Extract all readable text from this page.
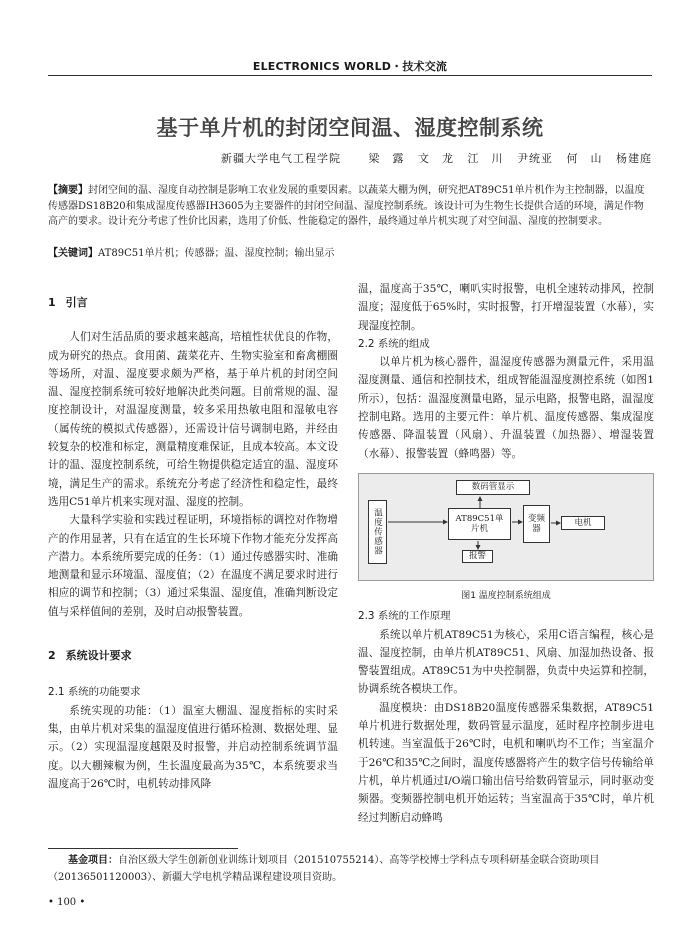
ELECTRONICS WORLD・技术交流
基于单片机的封闭空间温、湿度控制系统
新疆大学电气工程学院	梁　露 文　龙 江　川 尹统亚 何　山 杨建庭
【摘要】封闭空间的温、湿度自动控制是影响工农业发展的重要因素。以蔬菜大棚为例，研究把AT89C51单片机作为主控制器，以温度传感器DS18B20和集成湿度传感器IH3605为主要器件的封闭空间温、湿度控制系统。该设计可为生物生长提供合适的环境，满足作物高产的要求。设计充分考虑了性价比因素，选用了价低、性能稳定的器件，最终通过单片机实现了对空间温、湿度的控制要求。
【关键词】AT89C51单片机；传感器；温、湿度控制；输出显示
1 引言

人们对生活品质的要求越来越高，培植性状优良的作物，成为研究的热点。食用菌、蔬菜花卉、生物实验室和畜禽棚圈等场所，对温、湿度要求颇为严格，基于单片机的封闭空间温、湿度控制系统可较好地解决此类问题。目前常规的温、湿度控制设计，对温湿度测量，较多采用热敏电阻和湿敏电容（属传统的模拟式传感器），还需设计信号调制电路，并经由较复杂的校准和标定，测量精度难保证，且成本较高。本文设计的温、湿度控制系统，可给生物提供稳定适宜的温、湿度环境，满足生产的需求。系统充分考虑了经济性和稳定性，最终选用C51单片机来实现对温、湿度的控制。

大量科学实验和实践过程证明，环境指标的调控对作物增产的作用显著，只有在适宜的生长环境下作物才能充分发挥高产潜力。本系统所要完成的任务：（1）通过传感器实时、准确地测量和显示环境温、湿度值；（2）在温度不满足要求时进行相应的调节和控制；（3）通过采集温、湿度值，准确判断设定值与采样值间的差别，及时启动报警装置。

2 系统设计要求
2.1 系统的功能要求

系统实现的功能：（1）温室大棚温、湿度指标的实时采集，由单片机对采集的温湿度值进行循环检测、数据处理、显示。（2）实现温湿度越限及时报警，并启动控制系统调节温度。以大棚辣椒为例，生长温度最高为35℃，本系统要求当温度高于26℃时，电机转动排风降

温，温度高于35℃，喇叭实时报警，电机全速转动排风，控制温度；湿度低于65%时，实时报警，打开增湿装置（水幕），实现湿度控制。

2.2 系统的组成

以单片机为核心器件，温湿度传感器为测量元件，采用温湿度测量、通信和控制技术，组成智能温湿度测控系统（如图1所示），包括：温湿度测量电路，显示电路，报警电路，温湿度控制电路。选用的主要元件：单片机、温度传感器、集成湿度传感器、降温装置（风扇）、升温装置（加热器）、增湿装置（水幕）、报警装置（蜂鸣器）等。

数码管显示
温度传感器	AT89C51单片机
变频器
电机
报警
图1 温度控制系统组成
2.3 系统的工作原理

系统以单片机AT89C51为核心，采用C语言编程，核心是温、湿度控制，由单片机AT89C51、风扇、加湿加热设备、报警装置组成。AT89C51为中央控制器，负责中央运算和控制，协调系统各模块工作。

温度模块：由DS18B20温度传感器采集数据，AT89C51单片机进行数据处理，数码管显示温度，延时程序控制步进电机转速。当室温低于26℃时，电机和喇叭均不工作；当室温介于26℃和35℃之间时，温度传感器将产生的数字信号传输给单片机，单片机通过I/O端口输出信号给数码管显示，同时驱动变频器。变频器控制电机开始运转；当室温高于35℃时，单片机经过判断启动蜂鸣

基金项目：自治区级大学生创新创业训练计划项目（201510755214）、高等学校博士学科点专项科研基金联合资助项目（20136501120003）、新疆大学电机学精品课程建设项目资助。
• 100 •
